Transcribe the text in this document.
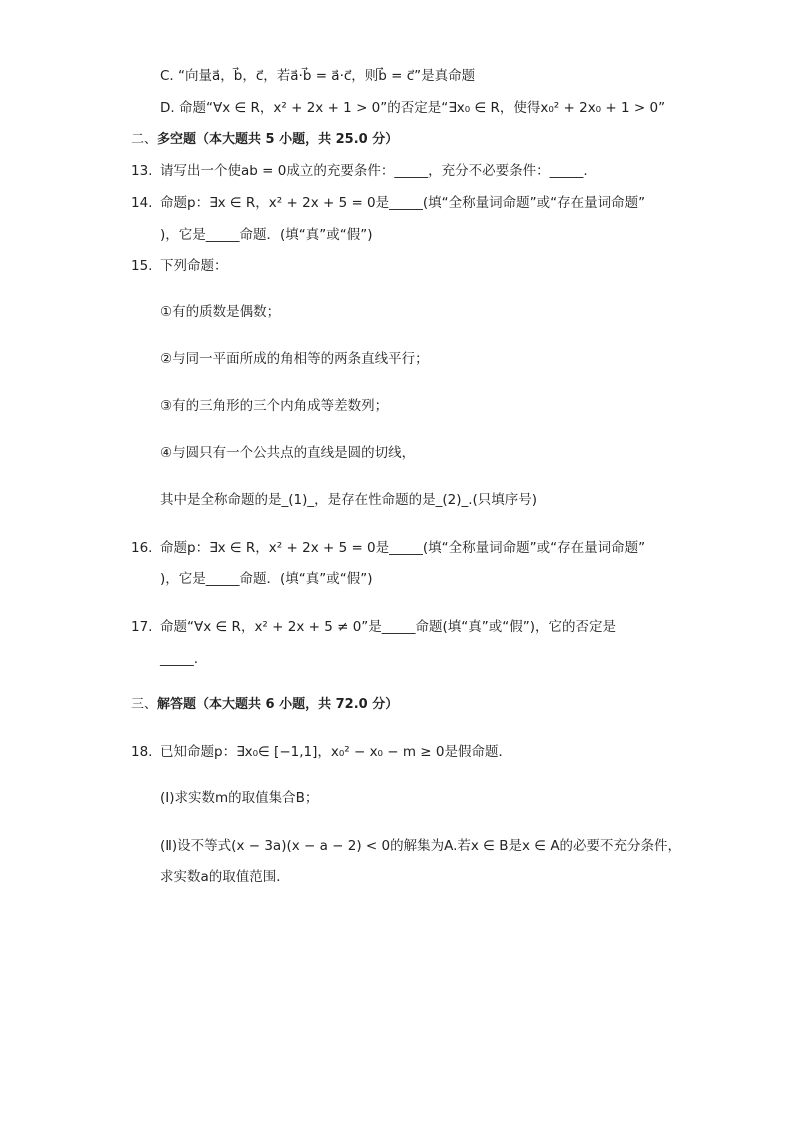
C. “向量a⃗，b⃗，c⃗，若a⃗·b⃗ = a⃗·c⃗，则b⃗ = c⃗”是真命题
D. 命题“∀x ∈ R，x² + 2x + 1 > 0”的否定是“∃x₀ ∈ R，使得x₀² + 2x₀ + 1 > 0”
二、多空题（本大题共 5 小题，共 25.0 分）
13. 请写出一个使ab = 0成立的充要条件：_____，充分不必要条件：_____.
14. 命题p：∃x ∈ R，x² + 2x + 5 = 0是_____(填“全称量词命题”或“存在量词命题”
)，它是_____命题．(填“真”或“假”)
15. 下列命题：
①有的质数是偶数；
②与同一平面所成的角相等的两条直线平行；
③有的三角形的三个内角成等差数列；
④与圆只有一个公共点的直线是圆的切线，
其中是全称命题的是_(1)_，是存在性命题的是_(2)_.(只填序号)
16. 命题p：∃x ∈ R，x² + 2x + 5 = 0是_____(填“全称量词命题”或“存在量词命题”
)，它是_____命题．(填“真”或“假”)
17. 命题“∀x ∈ R，x² + 2x + 5 ≠ 0”是_____命题(填“真”或“假”)，它的否定是
_____.
三、解答题（本大题共 6 小题，共 72.0 分）
18. 已知命题p：∃x₀∈ [−1,1]，x₀² − x₀ − m ≥ 0是假命题．
(Ⅰ)求实数m的取值集合B；
(Ⅱ)设不等式(x − 3a)(x − a − 2) < 0的解集为A.若x ∈ B是x ∈ A的必要不充分条件，
求实数a的取值范围．
